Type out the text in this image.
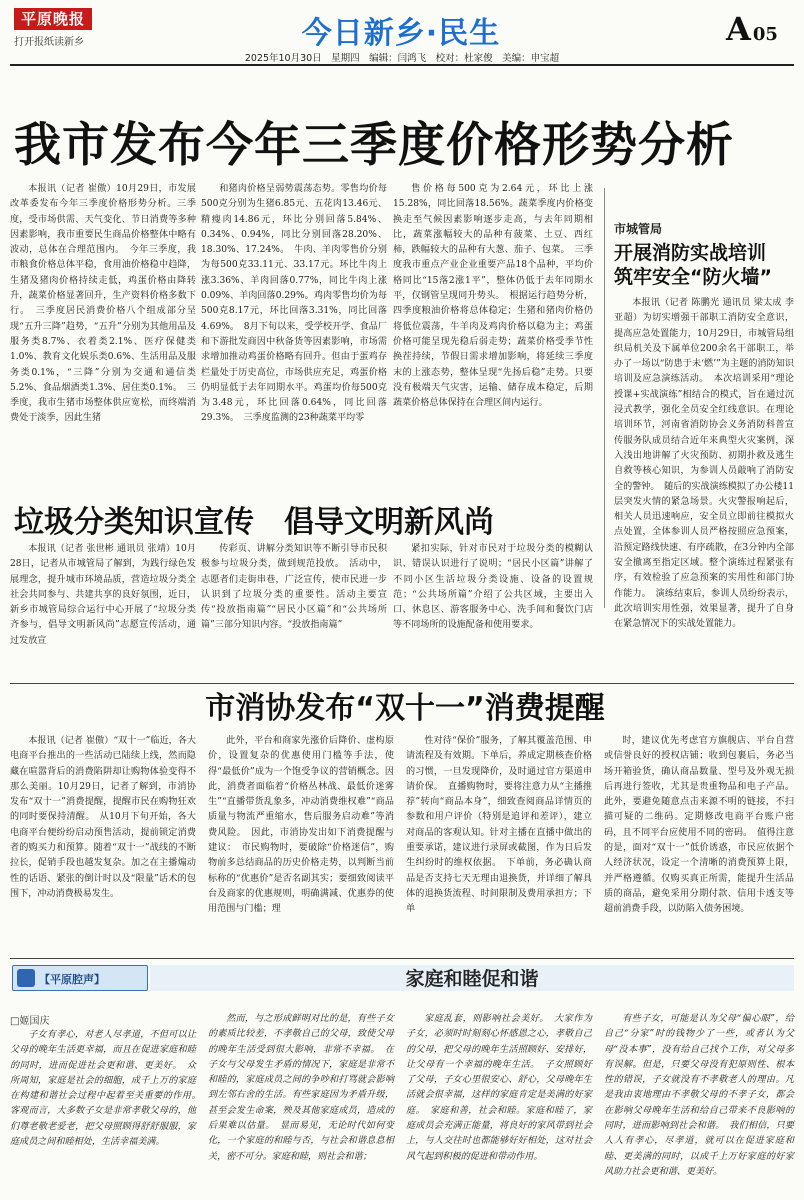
平原晚报
打开报纸读新乡	今日新乡·民生	A 05
2025年10月30日　星期四　编辑：闫鸿飞　校对：杜家俊　美编：申宝超
我市发布今年三季度价格形势分析

本报讯（记者 崔傲）10月29日，市发展改革委发布今年三季度价格形势分析。三季度，受市场供需、天气变化、节日消费等多种因素影响，我市重要民生商品价格整体中略有波动，总体在合理范围内。　今年三季度，我市粮食价格总体平稳，食用油价格稳中趋降，生猪及猪肉价格持续走低，鸡蛋价格由降转升，蔬菜价格显著回升，生产资料价格多数下行。　三季度居民消费价格八个组成部分呈现“五升三降”趋势，“五升”分别为其他用品及服务类8.7%、衣着类2.1%、医疗保健类1.0%、教育文化娱乐类0.6%、生活用品及服务类0.1%，“三降”分别为交通和通信类5.2%、食品烟酒类1.3%、居住类0.1%。　三季度，我市生猪市场整体供应宽松，而终端消费处于淡季，因此生猪

和猪肉价格呈弱势震荡态势。零售均价每500克分别为生猪6.85元、五花肉13.46元、精瘦肉14.86元，环比分别回落5.84%、0.34%、0.94%，同比分别回落28.20%、18.30%、17.24%。　牛肉、羊肉零售价分别为每500克33.11元、33.17元。环比牛肉上涨3.36%、羊肉回落0.77%，同比牛肉上涨0.09%、羊肉回落0.29%。鸡肉零售均价为每500克8.17元，环比回落3.31%，同比回落4.69%。　8月下旬以来，受学校开学、食品厂和下游批发商因中秋备货等因素影响，市场需求增加推动鸡蛋价格略有回升。但由于蛋鸡存栏量处于历史高位，市场供应充足，鸡蛋价格仍明显低于去年同期水平。鸡蛋均价每500克为3.48元，环比回落0.64%，同比回落29.3%。　三季度监测的23种蔬菜平均零

售价格每500克为2.64元，环比上涨15.28%，同比回落18.56%。蔬菜季度内价格变换走至气候因素影响逐步走高，与去年同期相比，蔬菜涨幅较大的品种有菠菜、土豆、西红柿，跌幅较大的品种有大葱、茄子、包菜。　三季度我市重点产业企业重要产品18个品种，平均价格同比“15落2涨1平”，整体仍低于去年同期水平，仅钢管呈现同升势头。　根据运行趋势分析，四季度粮油价格将总体稳定；生猪和猪肉价格仍将低位震荡，牛羊肉及鸡肉价格以稳为主；鸡蛋价格可能呈现先稳后弱走势；蔬菜价格受季节性换茬持续，节假日需求增加影响，将延续三季度末的上涨态势，整体呈现“先扬后稳”走势。只要没有极端天气灾害，运输、储存成本稳定，后期蔬菜价格总体保持在合理区间内运行。

市城管局
开展消防实战培训
筑牢安全“防火墙”

本报讯（记者 陈鹏光 通讯员 梁太成 李亚超）为切实增强干部职工消防安全意识，提高应急处置能力，10月29日，市城管局组织局机关及下属单位200余名干部职工，举办了一场以“防患于未‘燃’”为主题的消防知识培训及应急演练活动。　本次培训采用“理论授课+实战演练”相结合的模式，旨在通过沉浸式教学，强化全员安全红线意识。在理论培训环节，河南省消防协会义务消防科普宣传服务队成员结合近年来典型火灾案例，深入浅出地讲解了火灾预防、初期扑救及逃生自救等核心知识，为参训人员敲响了消防安全的警钟。　随后的实战演练模拟了办公楼11层突发火情的紧急场景。火灾警报响起后，相关人员迅速响应，安全员立即前往模拟火点处置，全体参训人员严格按照应急预案，沿预定路线快速、有序疏散，在3分钟内全部安全撤离至指定区域。整个演练过程紧张有序，有效检验了应急预案的实用性和部门协作能力。　演练结束后，参训人员纷纷表示，此次培训实用性强，效果显著，提升了自身在紧急情况下的实战处置能力。

垃圾分类知识宣传　倡导文明新风尚

本报讯（记者 张世彬 通讯员 张靖）10月28日，记者从市城管局了解到，为践行绿色发展理念，提升城市环境品质，营造垃圾分类全社会共同参与、共建共享的良好氛围，近日，新乡市城管局综合运行中心开展了“垃圾分类齐参与，倡导文明新风尚”志愿宣传活动，通过发放宣

传彩页、讲解分类知识等不断引导市民积极参与垃圾分类，做到规范投放。　活动中，志愿者们走街串巷，广泛宣传，使市民进一步认识到了垃圾分类的重要性。活动主要宣传“投放指南篇”“居民小区篇”和“公共场所篇”三部分知识内容。“投放指南篇”

紧扣实际，针对市民对于垃圾分类的模糊认识、错误认识进行了说明；“居民小区篇”讲解了不同小区生活垃圾分类设施、设备的设置规范；“公共场所篇”介绍了公共区域，主要出入口、休息区、游客服务中心、洗手间和餐饮门店等不同场所的设施配备和使用要求。

市消协发布“双十一”消费提醒

本报讯（记者 崔傲）“双十一”临近，各大电商平台推出的一些活动已陆续上线，然而隐藏在喧嚣背后的消费陷阱却让购物体验变得不那么美丽。10月29日，记者了解到，市消协发布“双十一”消费提醒，提醒市民在购物狂欢的同时要保持清醒。　从10月下旬开始，各大电商平台便纷纷启动预售活动，提前锁定消费者的购买力和预算。随着“双十一”战线的不断拉长，促销手段也越发复杂。加之在主播煽动性的话语、紧张的倒计时以及“限量”话术的包围下，冲动消费极易发生。

此外，平台和商家先涨价后降价、虚构原价，设置复杂的优惠使用门槛等手法，使得“最低价”成为一个饱受争议的营销概念。因此，消费者面临着“价格丛林战、最低价迷雾生”“直播带货乱象多，冲动消费维权难”“商品质量与物流严重缩水，售后服务启动难”等消费风险。　因此，市消协发出如下消费提醒与建议：　市民购物时，要破除“价格迷信”，购物前多总结商品的历史价格走势，以判断当前标称的“优惠价”是否名副其实；要细致阅读平台及商家的优惠规则，明确满减、优惠券的使用范围与门槛；理

性对待“保价”服务，了解其覆盖范围、申请流程及有效期。下单后，养成定期核查价格的习惯，一旦发现降价，及时通过官方渠道申请价保。　直播购物时，要将注意力从“主播推荐”转向“商品本身”，细致查阅商品详情页的参数和用户评价（特别是追评和差评），建立对商品的客观认知。针对主播在直播中做出的重要承诺，建议进行录屏或截图，作为日后发生纠纷时的维权依据。　下单前，务必确认商品是否支持七天无理由退换货，并详细了解具体的退换货流程、时间限制及费用承担方；下单

时，建议优先考虑官方旗舰店、平台自营或信誉良好的授权店铺；收到包裹后，务必当场开箱验货，确认商品数量、型号及外观无损后再进行签收，尤其是贵重物品和电子产品。此外，要避免随意点击来源不明的链接，不扫描可疑的二维码。定期修改电商平台账户密码，且不同平台应使用不同的密码。　值得注意的是，面对“双十一”低价诱惑，市民应依据个人经济状况，设定一个清晰的消费预算上限，并严格遵循。仅购买真正所需，能提升生活品质的商品，避免采用分期付款、信用卡透支等超前消费手段，以防陷入债务困境。

【平原腔声】	家庭和睦促和谐
□姬国庆

子女有孝心，对老人尽孝道，不但可以让父母的晚年生活更幸福，而且在促进家庭和睦的同时，进而促进社会更和谐、更美好。　众所周知，家庭是社会的细胞，成千上万的家庭在构建和谐社会过程中起着至关重要的作用。　客观而言，大多数子女是非常孝敬父母的，他们尊老敬老爱老，把父母照顾得舒舒服服，家庭成员之间和睦相处，生活幸福美满。

然而，与之形成鲜明对比的是，有些子女的素质比较差，不孝敬自己的父母，致使父母的晚年生活受到很大影响，非常不幸福。　在子女与父母发生矛盾的情况下，家庭是非常不和睦的，家庭成员之间的争吵和打骂就会影响到左邻右舍的生活。有些家庭因为矛盾升级，甚至会发生命案，殃及其他家庭成员，造成的后果难以估量。　显而易见，无论时代如何变化，一个家庭的和睦与否，与社会和谐息息相关，密不可分。家庭和睦，则社会和谐；

家庭乱套，则影响社会美好。　大家作为子女，必须时时刻刻心怀感恩之心，孝敬自己的父母，把父母的晚年生活照顾好、安排好，让父母有一个幸福的晚年生活。　子女照顾好了父母，子女心里很安心、舒心，父母晚年生活就会很幸福，这样的家庭肯定是美满的好家庭。　家庭和善，社会和睦。家庭和睦了，家庭成员会充满正能量，将良好的家风带到社会上，与人交往时也都能够好好相处，这对社会风气起到积极的促进和带动作用。

有些子女，可能是认为父母“偏心眼”，给自己“分家”时的钱物少了一些，或者认为父母“没本事”，没有给自己找个工作，对父母多有误解。但是，只要父母没有犯原则性、根本性的错误，子女就没有不孝敬老人的理由。凡是我由衷地理由不孝敬父母的不孝子女，都会在影响父母晚年生活和给自己带来不良影响的同时，进而影响到社会和谐。　我们相信，只要人人有孝心，尽孝道，就可以在促进家庭和睦、更美满的同时，以成千上万好家庭的好家风助力社会更和谐、更美好。
